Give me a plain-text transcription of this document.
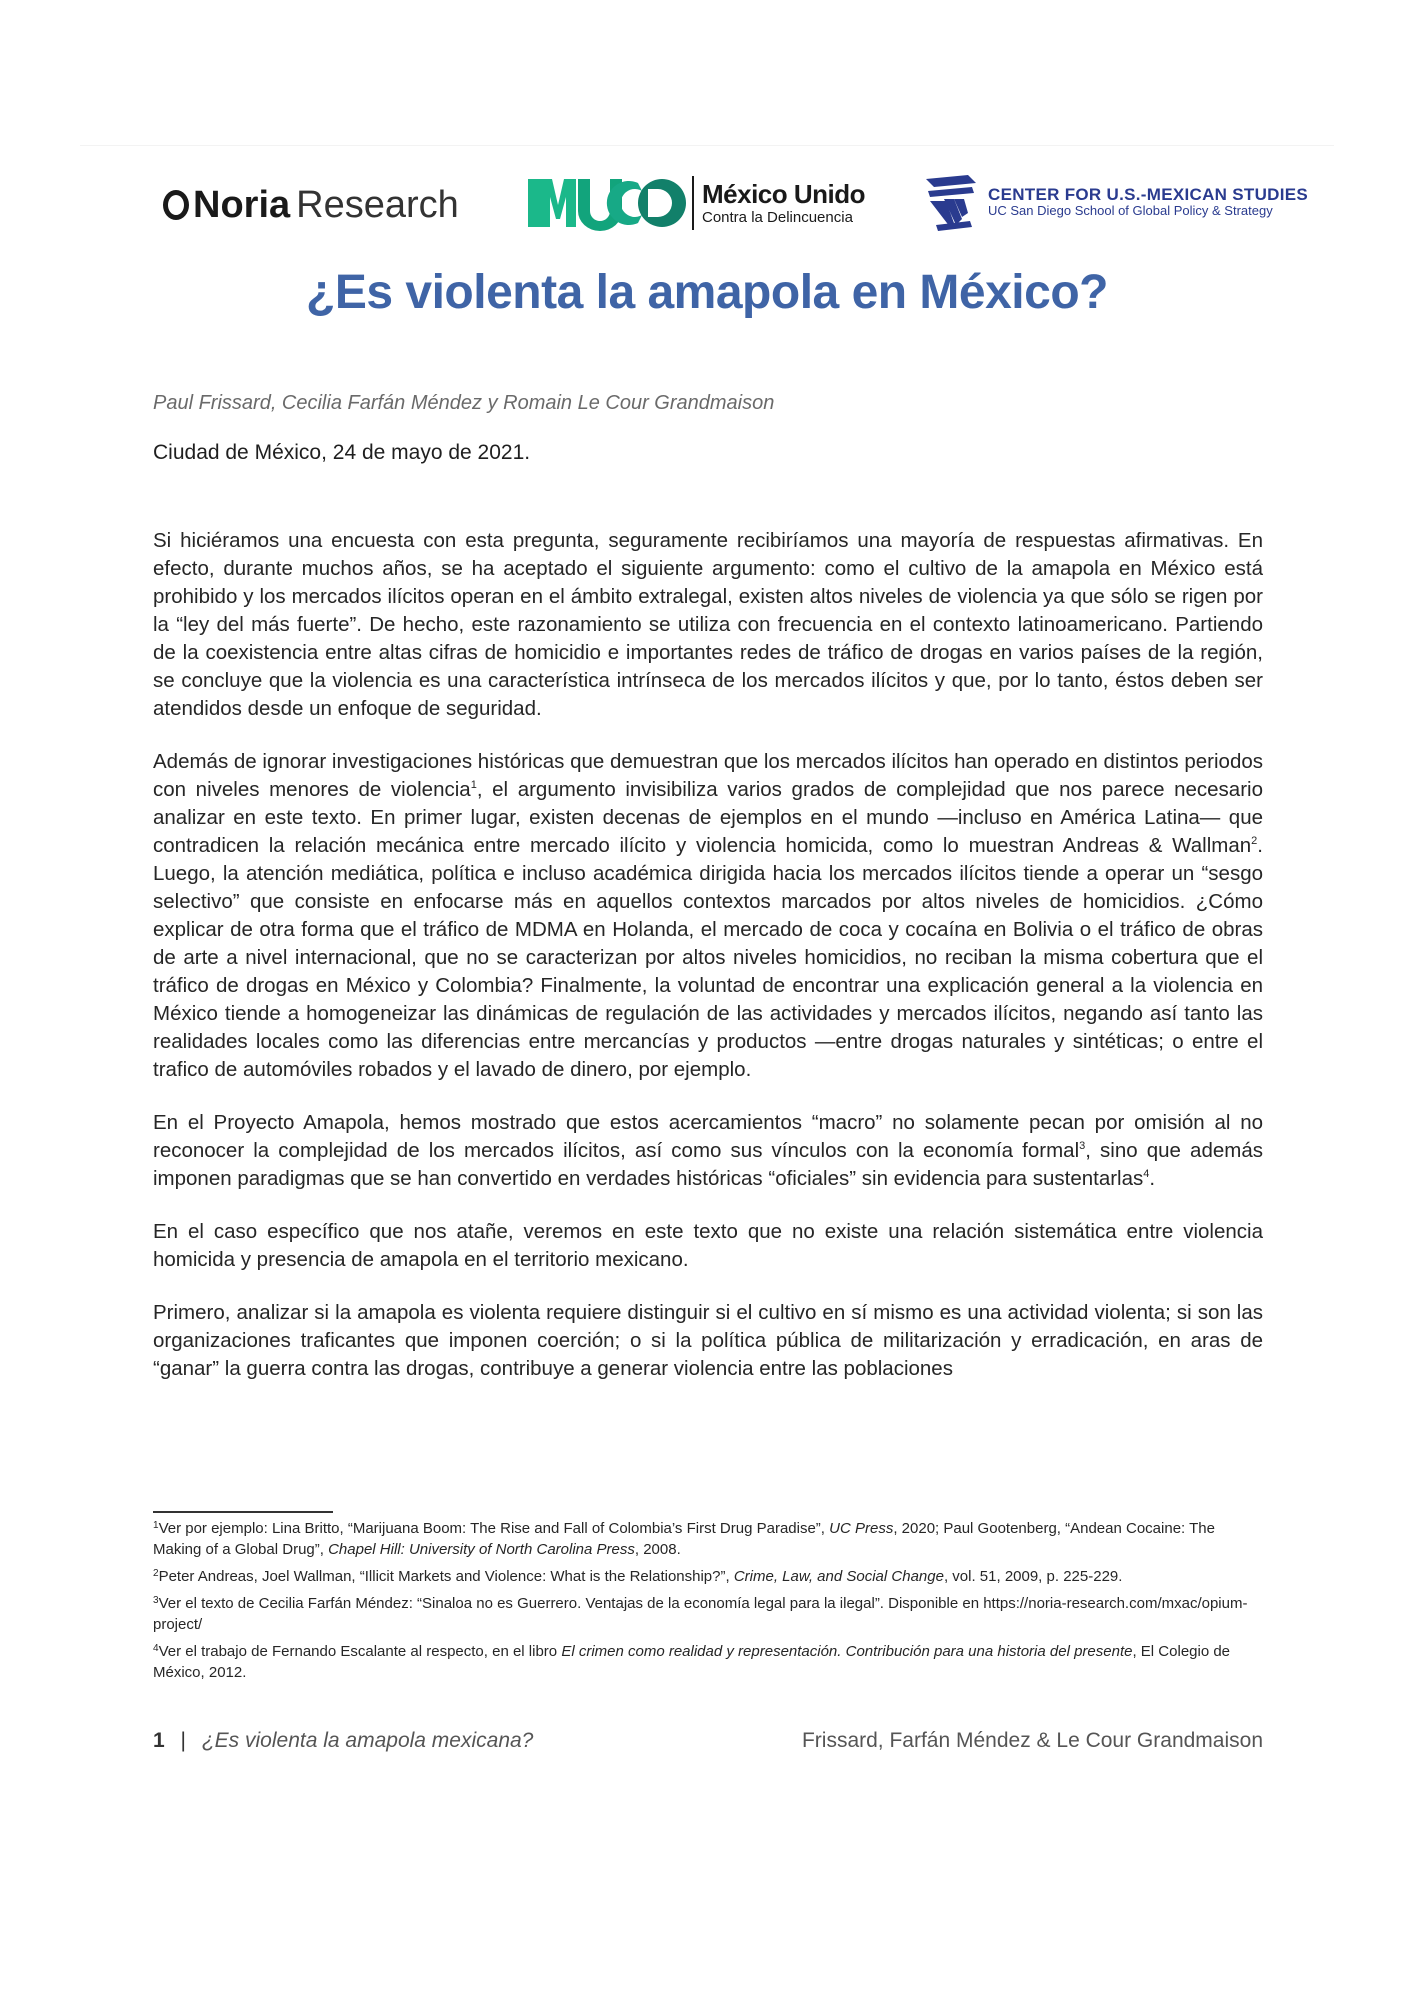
Noria Research	México Unido
Contra la Delincuencia
CENTER FOR U.S.-MEXICAN STUDIES
UC San Diego School of Global Policy & Strategy
¿Es violenta la amapola en México?

Paul Frissard, Cecilia Farfán Méndez y Romain Le Cour Grandmaison

Ciudad de México, 24 de mayo de 2021.

Si hiciéramos una encuesta con esta pregunta, seguramente recibiríamos una mayoría de respuestas afirmativas. En efecto, durante muchos años, se ha aceptado el siguiente argumento: como el cultivo de la amapola en México está prohibido y los mercados ilícitos operan en el ámbito extralegal, existen altos niveles de violencia ya que sólo se rigen por la “ley del más fuerte”. De hecho, este razonamiento se utiliza con frecuencia en el contexto latinoamericano. Partiendo de la coexistencia entre altas cifras de homicidio e importantes redes de tráfico de drogas en varios países de la región, se concluye que la violencia es una característica intrínseca de los mercados ilícitos y que, por lo tanto, éstos deben ser atendidos desde un enfoque de seguridad.

Además de ignorar investigaciones históricas que demuestran que los mercados ilícitos han operado en distintos periodos con niveles menores de violencia$^1$, el argumento invisibiliza varios grados de complejidad que nos parece necesario analizar en este texto. En primer lugar, existen decenas de ejemplos en el mundo —incluso en América Latina— que contradicen la relación mecánica entre mercado ilícito y violencia homicida, como lo muestran Andreas & Wallman$^2$. Luego, la atención mediática, política e incluso académica dirigida hacia los mercados ilícitos tiende a operar un “sesgo selectivo” que consiste en enfocarse más en aquellos contextos marcados por altos niveles de homicidios. ¿Cómo explicar de otra forma que el tráfico de MDMA en Holanda, el mercado de coca y cocaína en Bolivia o el tráfico de obras de arte a nivel internacional, que no se caracterizan por altos niveles homicidios, no reciban la misma cobertura que el tráfico de drogas en México y Colombia? Finalmente, la voluntad de encontrar una explicación general a la violencia en México tiende a homogeneizar las dinámicas de regulación de las actividades y mercados ilícitos, negando así tanto las realidades locales como las diferencias entre mercancías y productos —entre drogas naturales y sintéticas; o entre el trafico de automóviles robados y el lavado de dinero, por ejemplo.

En el Proyecto Amapola, hemos mostrado que estos acercamientos “macro” no solamente pecan por omisión al no reconocer la complejidad de los mercados ilícitos, así como sus vínculos con la economía formal$^3$, sino que además imponen paradigmas que se han convertido en verdades históricas “oficiales” sin evidencia para sustentarlas$^4$.

En el caso específico que nos atañe, veremos en este texto que no existe una relación sistemática entre violencia homicida y presencia de amapola en el territorio mexicano.

Primero, analizar si la amapola es violenta requiere distinguir si el cultivo en sí mismo es una actividad violenta; si son las organizaciones traficantes que imponen coerción; o si la política pública de militarización y erradicación, en aras de “ganar” la guerra contra las drogas, contribuye a generar violencia entre las poblaciones

$^1$Ver por ejemplo: Lina Britto, “Marijuana Boom: The Rise and Fall of Colombia’s First Drug Paradise”, UC Press, 2020; Paul Gootenberg, “Andean Cocaine: The Making of a Global Drug”, Chapel Hill: University of North Carolina Press, 2008.

$^2$Peter Andreas, Joel Wallman, “Illicit Markets and Violence: What is the Relationship?”, Crime, Law, and Social Change, vol. 51, 2009, p. 225-229.

$^3$Ver el texto de Cecilia Farfán Méndez: “Sinaloa no es Guerrero. Ventajas de la economía legal para la ilegal”. Disponible en https://noria-research.com/mxac/opium-project/

$^4$Ver el trabajo de Fernando Escalante al respecto, en el libro El crimen como realidad y representación. Contribución para una historia del presente, El Colegio de México, 2012.

1 | ¿Es violenta la amapola mexicana?	Frissard, Farfán Méndez & Le Cour Grandmaison
